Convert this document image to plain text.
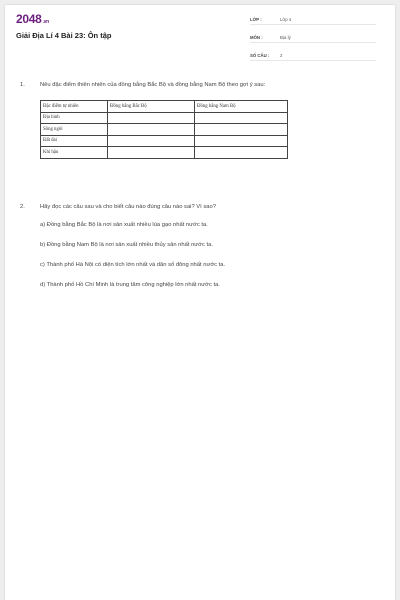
2048.vn
Giải Địa Lí 4 Bài 23: Ôn tập
LỚP :	Lớp 4
MÔN :	Địa lý
SỐ CÂU :	2
1.	Nêu đặc điểm thiên nhiên của đồng bằng Bắc Bộ và đồng bằng Nam Bộ theo gợi ý sau:
Đặc điểm tự nhiên	Đồng bằng Bắc Bộ	Đồng bằng Nam Bộ
Địa hình		
Sông ngòi		
Đất đai		
Khí hậu		
2.	Hãy đọc các câu sau và cho biết câu nào đúng câu nào sai? Vì sao?
a) Đồng bằng Bắc Bộ là nơi sản xuất nhiều lúa gạo nhất nước ta.
b) Đồng bằng Nam Bộ là nơi sản xuất nhiều thủy sản nhất nước ta.
c) Thành phố Hà Nội có diện tích lớn nhất và dân số đông nhất nước ta.
d) Thành phố Hồ Chí Minh là trung tâm công nghiệp lớn nhất nước ta.
